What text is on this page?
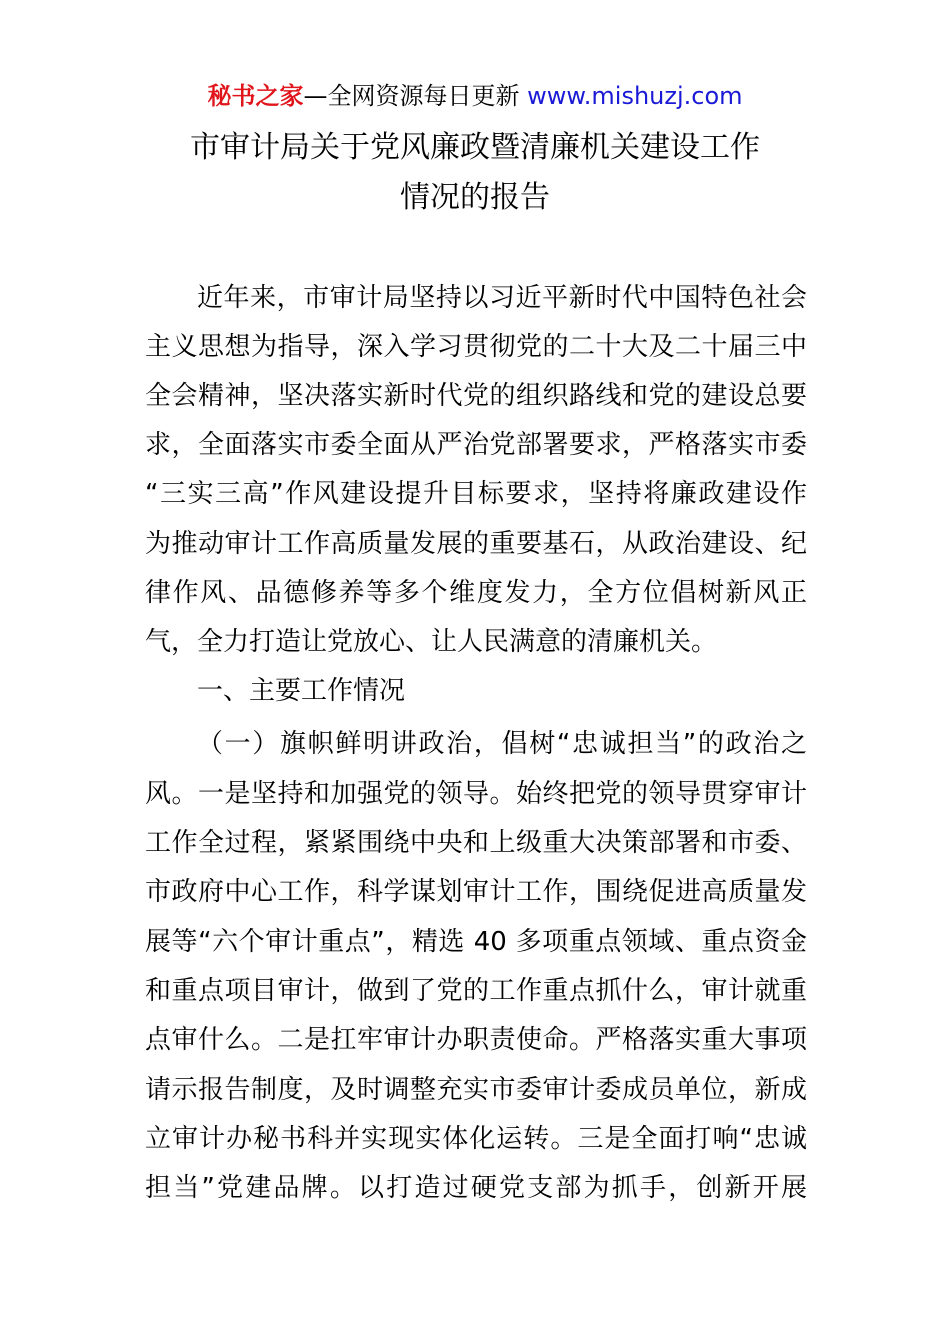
秘书之家—全网资源每日更新 www.mishuzj.com
市审计局关于党风廉政暨清廉机关建设工作
情况的报告
近年来，市审计局坚持以习近平新时代中国特色社会
主义思想为指导，深入学习贯彻党的二十大及二十届三中
全会精神，坚决落实新时代党的组织路线和党的建设总要
求，全面落实市委全面从严治党部署要求，严格落实市委
“三实三高”作风建设提升目标要求，坚持将廉政建设作
为推动审计工作高质量发展的重要基石，从政治建设、纪
律作风、品德修养等多个维度发力，全方位倡树新风正
气，全力打造让党放心、让人民满意的清廉机关。
一、主要工作情况
（一）旗帜鲜明讲政治，倡树“忠诚担当”的政治之
风。一是坚持和加强党的领导。始终把党的领导贯穿审计
工作全过程，紧紧围绕中央和上级重大决策部署和市委、
市政府中心工作，科学谋划审计工作，围绕促进高质量发
展等“六个审计重点”，精选 40 多项重点领域、重点资金
和重点项目审计，做到了党的工作重点抓什么，审计就重
点审什么。二是扛牢审计办职责使命。严格落实重大事项
请示报告制度，及时调整充实市委审计委成员单位，新成
立审计办秘书科并实现实体化运转。三是全面打响“忠诚
担当”党建品牌。以打造过硬党支部为抓手，创新开展
